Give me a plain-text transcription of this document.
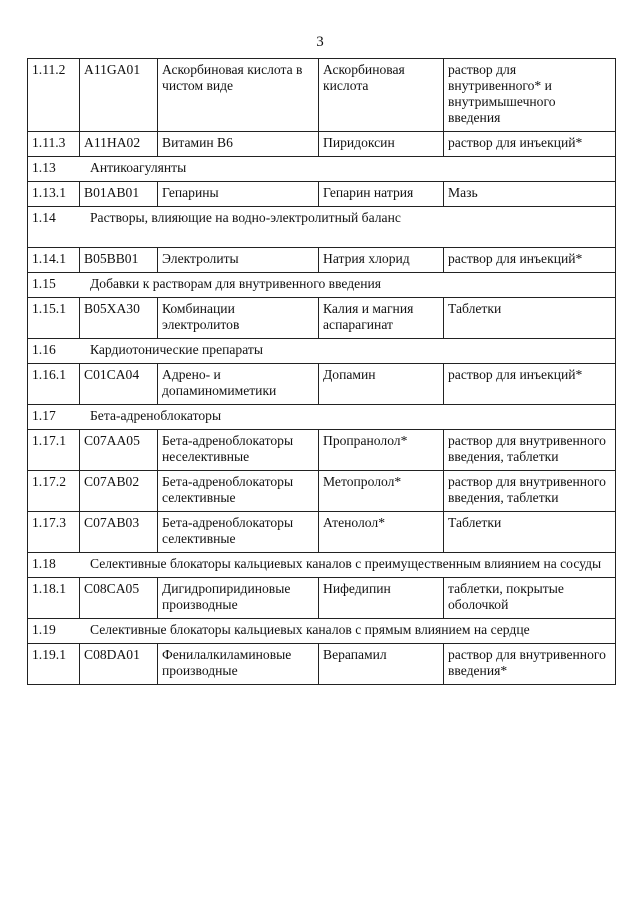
3
1.11.2	A11GA01	Аскорбиновая кислота в чистом виде	Аскорбиновая кислота	раствор для внутривенного* и внутримышечного введения
1.11.3	A11HA02	Витамин B6	Пиридоксин	раствор для инъекций*
1.13 Антикоагулянты				
1.13.1	B01AB01	Гепарины	Гепарин натрия	Мазь
1.14 Растворы, влияющие на водно-электролитный баланс				
1.14.1	B05BB01	Электролиты	Натрия хлорид	раствор для инъекций*
1.15 Добавки к растворам для внутривенного введения				
1.15.1	B05XA30	Комбинации электролитов	Калия и магния аспарагинат	Таблетки
1.16 Кардиотонические препараты				
1.16.1	C01CA04	Адрено- и допаминомиметики	Допамин	раствор для инъекций*
1.17 Бета-адреноблокаторы				
1.17.1	C07AA05	Бета-адреноблокаторы неселективные	Пропранолол*	раствор для внутривенного введения, таблетки
1.17.2	C07AB02	Бета-адреноблокаторы селективные	Метопролол*	раствор для внутривенного введения, таблетки
1.17.3	C07AB03	Бета-адреноблокаторы селективные	Атенолол*	Таблетки
1.18 Селективные блокаторы кальциевых каналов с преимущественным влиянием на сосуды				
1.18.1	C08CA05	Дигидропиридиновые производные	Нифедипин	таблетки, покрытые оболочкой
1.19 Селективные блокаторы кальциевых каналов с прямым влиянием на сердце				
1.19.1	C08DA01	Фенилалкиламиновые производные	Верапамил	раствор для внутривенного введения*
